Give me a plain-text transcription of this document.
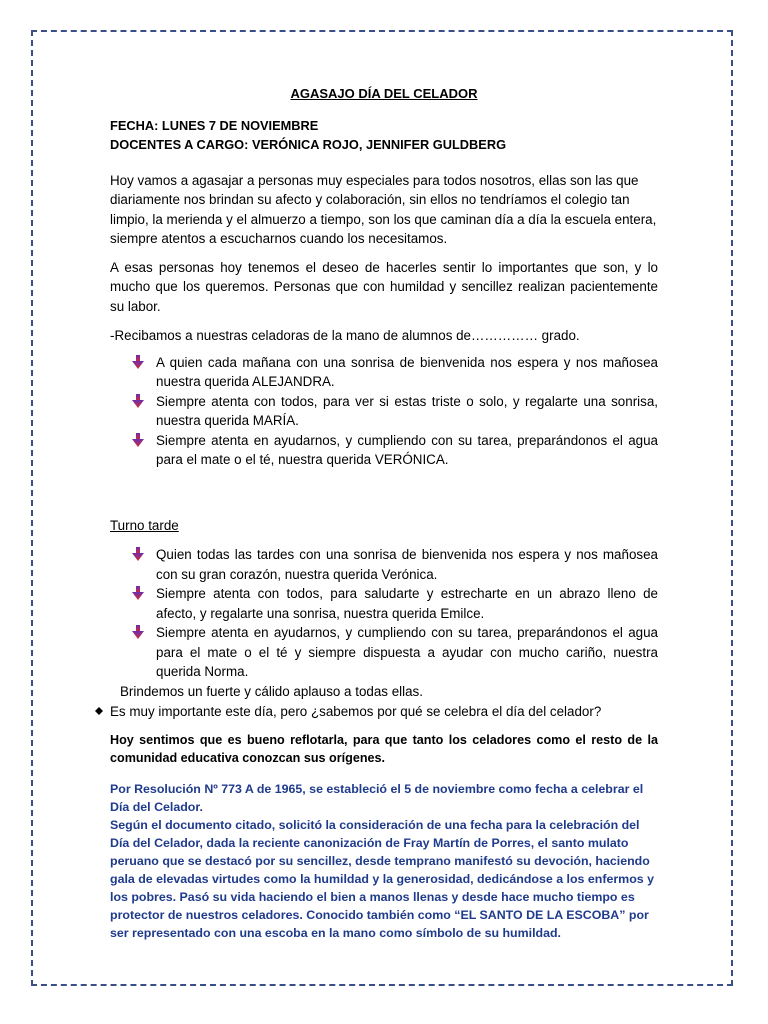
AGASAJO DÍA DEL CELADOR

FECHA: LUNES 7 DE NOVIEMBRE

DOCENTES A CARGO: VERÓNICA ROJO, JENNIFER GULDBERG

Hoy vamos a agasajar a personas muy especiales para todos nosotros, ellas son las que diariamente nos brindan su afecto y colaboración, sin ellos no tendríamos el colegio tan limpio, la merienda y el almuerzo a tiempo, son los que caminan día a día la escuela entera, siempre atentos a escucharnos cuando los necesitamos.

A esas personas hoy tenemos el deseo de hacerles sentir lo importantes que son, y lo mucho que los queremos. Personas que con humildad y sencillez realizan pacientemente su labor.

-Recibamos a nuestras celadoras de la mano de alumnos de…………… grado.

A quien cada mañana con una sonrisa de bienvenida nos espera y nos mañosea nuestra querida ALEJANDRA.
Siempre atenta con todos, para ver si estas triste o solo, y regalarte una sonrisa, nuestra querida MARÍA.
Siempre atenta en ayudarnos, y cumpliendo con su tarea, preparándonos el agua para el mate o el té, nuestra querida VERÓNICA.

Turno tarde

Quien todas las tardes con una sonrisa de bienvenida nos espera y nos mañosea con su gran corazón, nuestra querida Verónica.
Siempre atenta con todos, para saludarte y estrecharte en un abrazo lleno de afecto, y regalarte una sonrisa, nuestra querida Emilce.
Siempre atenta en ayudarnos, y cumpliendo con su tarea, preparándonos el agua para el mate o el té y siempre dispuesta a ayudar con mucho cariño, nuestra querida Norma.

Brindemos un fuerte y cálido aplauso a todas ellas.

Es muy importante este día, pero ¿sabemos por qué se celebra el día del celador?

Hoy sentimos que es bueno reflotarla, para que tanto los celadores como el resto de la comunidad educativa conozcan sus orígenes.

Por Resolución Nº 773 A de 1965, se estableció el 5 de noviembre como fecha a celebrar el Día del Celador.

Según el documento citado, solicitó la consideración de una fecha para la celebración del Día del Celador, dada la reciente canonización de Fray Martín de Porres, el santo mulato peruano que se destacó por su sencillez, desde temprano manifestó su devoción, haciendo gala de elevadas virtudes como la humildad y la generosidad, dedicándose a los enfermos y los pobres. Pasó su vida haciendo el bien a manos llenas y desde hace mucho tiempo es protector de nuestros celadores. Conocido también como “EL SANTO DE LA ESCOBA” por ser representado con una escoba en la mano como símbolo de su humildad.
